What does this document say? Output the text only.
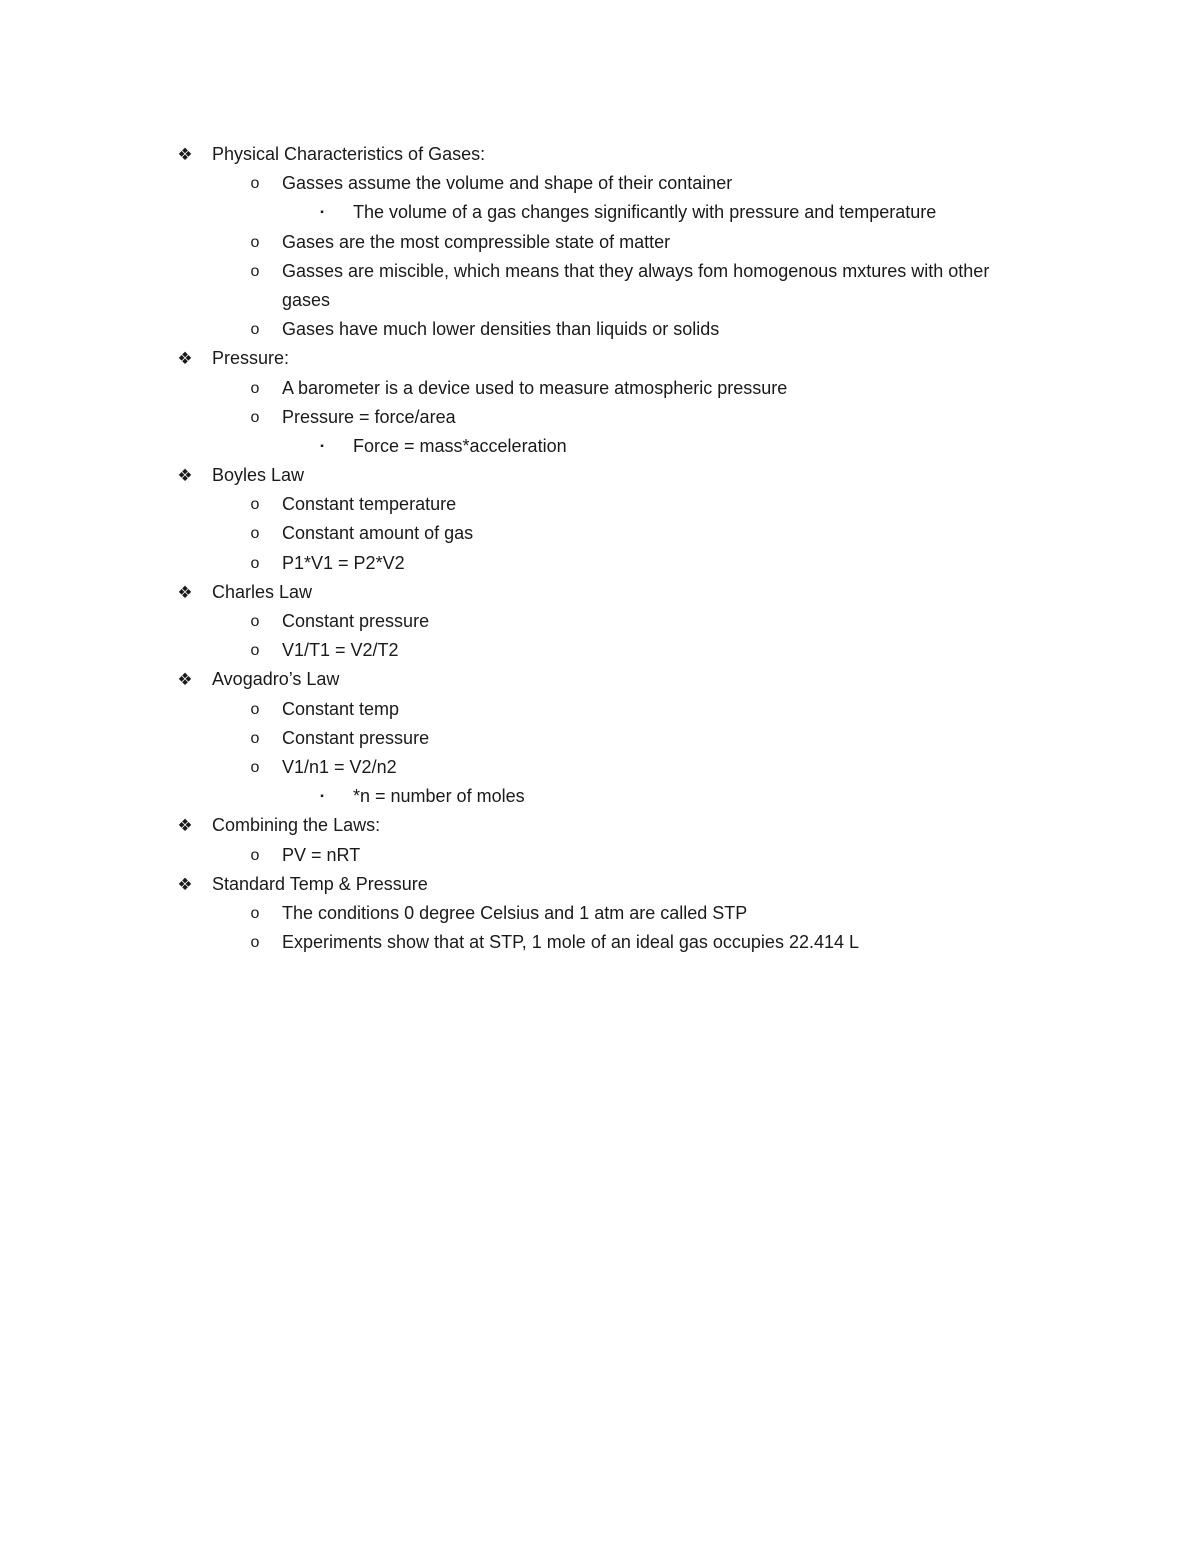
❖ Physical Characteristics of Gases:
o	Gasses assume the volume and shape of their container
▪	The volume of a gas changes significantly with pressure and temperature
o	Gases are the most compressible state of matter
o	Gasses are miscible, which means that they always fom homogenous mxtures with other
gases
o	Gases have much lower densities than liquids or solids
❖ Pressure:
o	A barometer is a device used to measure atmospheric pressure
o	Pressure = force/area
▪	Force = mass*acceleration
❖ Boyles Law
o	Constant temperature
o	Constant amount of gas
o	P1*V1 = P2*V2
❖ Charles Law
o	Constant pressure
o	V1/T1 = V2/T2
❖ Avogadro’s Law
o	Constant temp
o	Constant pressure
o	V1/n1 = V2/n2
▪	*n = number of moles
❖ Combining the Laws:
o	PV = nRT
❖ Standard Temp & Pressure
o	The conditions 0 degree Celsius and 1 atm are called STP
o	Experiments show that at STP, 1 mole of an ideal gas occupies 22.414 L
